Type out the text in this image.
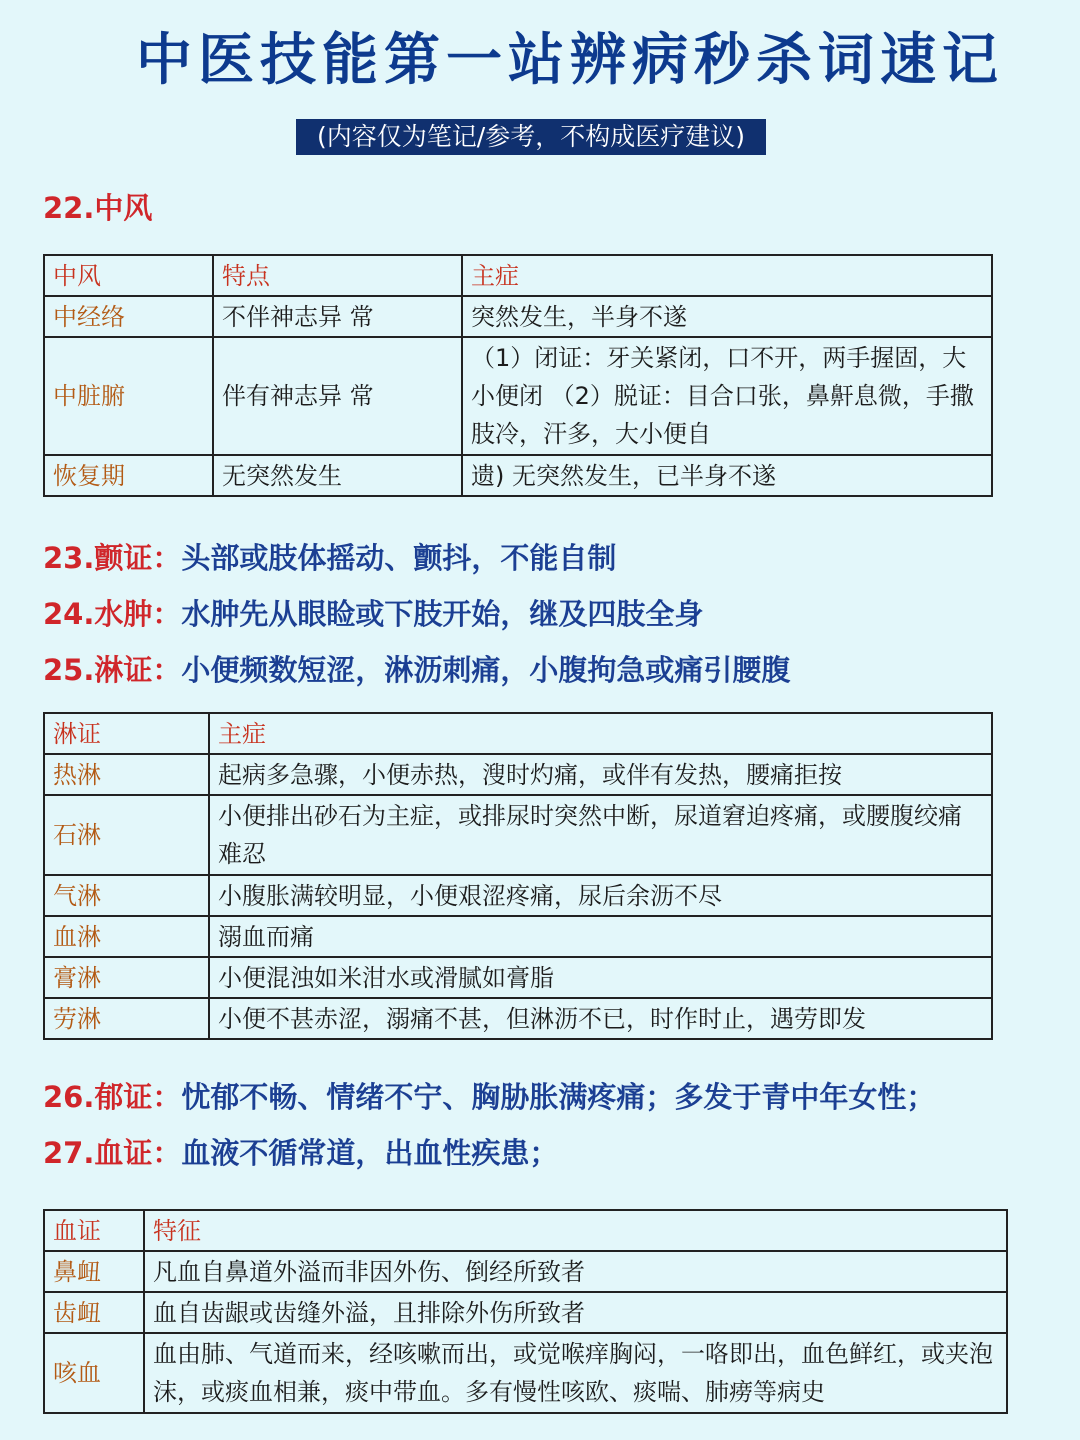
中医技能第一站辨病秒杀词速记
(内容仅为笔记/参考，不构成医疗建议)
22.中风
中风	特点	主症
中经络	不伴神志异 常	突然发生，半身不遂
中脏腑	伴有神志异 常	（1）闭证：牙关紧闭，口不开，两手握固，大小便闭 （2）脱证：目合口张，鼻鼾息微，手撒肢冷，汗多，大小便自
恢复期	无突然发生	遗) 无突然发生，已半身不遂
23.颤证：头部或肢体摇动、颤抖，不能自制
24.水肿：水肿先从眼睑或下肢开始，继及四肢全身
25.淋证：小便频数短涩，淋沥刺痛，小腹拘急或痛引腰腹
淋证	主症
热淋	起病多急骤，小便赤热，溲时灼痛，或伴有发热，腰痛拒按
石淋	小便排出砂石为主症，或排尿时突然中断，尿道窘迫疼痛，或腰腹绞痛难忍
气淋	小腹胀满较明显，小便艰涩疼痛，尿后余沥不尽
血淋	溺血而痛
膏淋	小便混浊如米泔水或滑腻如膏脂
劳淋	小便不甚赤涩，溺痛不甚，但淋沥不已，时作时止，遇劳即发
26.郁证：忧郁不畅、情绪不宁、胸胁胀满疼痛；多发于青中年女性；
27.血证：血液不循常道，出血性疾患；
血证	特征
鼻衄	凡血自鼻道外溢而非因外伤、倒经所致者
齿衄	血自齿龈或齿缝外溢，且排除外伤所致者
咳血	血由肺、气道而来，经咳嗽而出，或觉喉痒胸闷，一咯即出，血色鲜红，或夹泡 沫，或痰血相兼，痰中带血。多有慢性咳欧、痰喘、肺痨等病史
